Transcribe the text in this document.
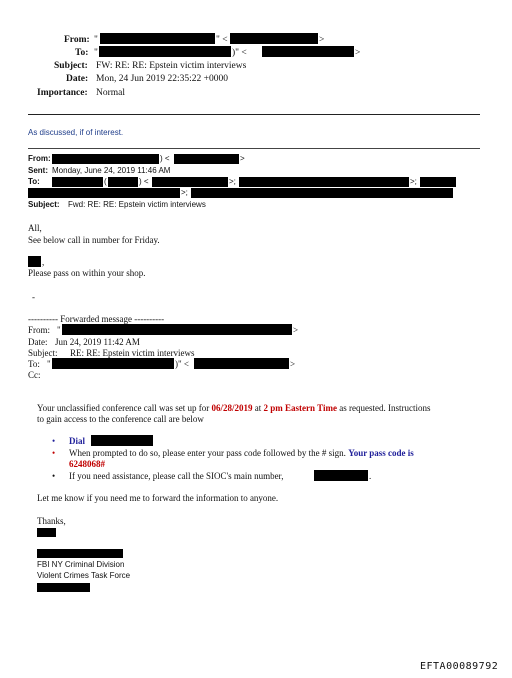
From: "	" <	>
To: "	)" <	>
Subject: FW: RE: RE: Epstein victim interviews
Date: Mon, 24 Jun 2019 22:35:22 +0000
Importance: Normal
As discussed, if of interest.
From:	) <	>
Sent: Monday, June 24, 2019 11:46 AM
To:	(	) <	>;	>;
>;
Subject: Fwd: RE: RE: Epstein victim interviews
All,
See below call in number for Friday.
,
Please pass on within your shop.
-
---------- Forwarded message ----------
From: "	>
Date: Jun 24, 2019 11:42 AM
Subject: RE: RE: Epstein victim interviews
To: "	)" <	>
Cc:
Your unclassified conference call was set up for 06/28/2019 at 2 pm Eastern Time as requested. Instructions
to gain access to the conference call are below
• Dial
• When prompted to do so, please enter your pass code followed by the # sign. Your pass code is
6248068#
• If you need assistance, please call the SIOC's main number,	.
Let me know if you need me to forward the information to anyone.
Thanks,
FBI NY Criminal Division
Violent Crimes Task Force
EFTA00089792
